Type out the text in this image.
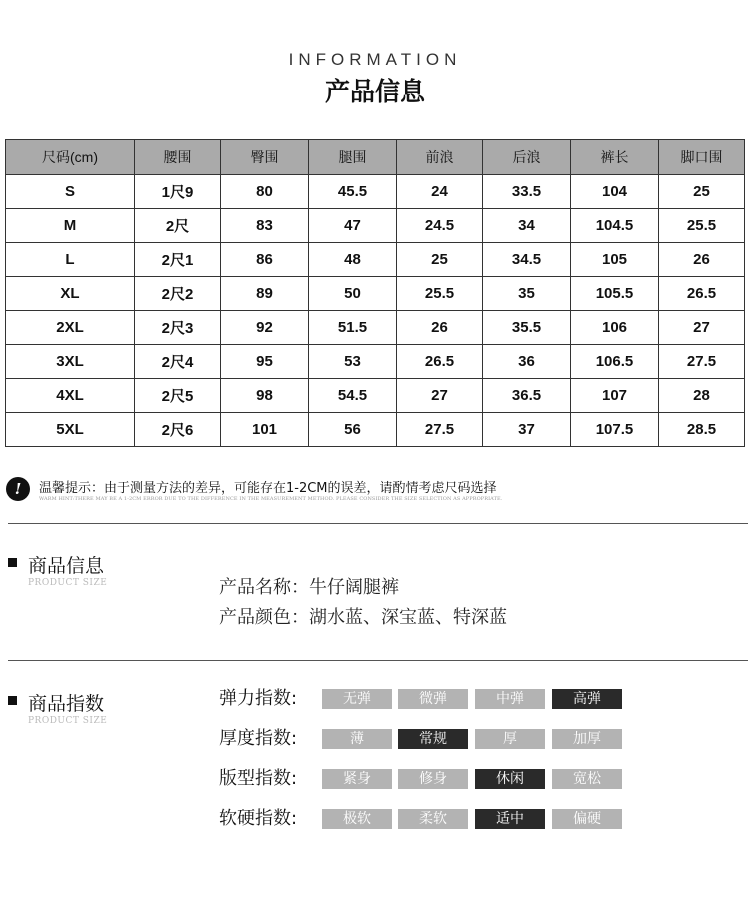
INFORMATION
产品信息
尺码(cm)	腰围	臀围	腿围	前浪	后浪	裤长	脚口围
S	1尺9	80	45.5	24	33.5	104	25
M	2尺	83	47	24.5	34	104.5	25.5
L	2尺1	86	48	25	34.5	105	26
XL	2尺2	89	50	25.5	35	105.5	26.5
2XL	2尺3	92	51.5	26	35.5	106	27
3XL	2尺4	95	53	26.5	36	106.5	27.5
4XL	2尺5	98	54.5	27	36.5	107	28
5XL	2尺6	101	56	27.5	37	107.5	28.5
!	温馨提示：由于测量方法的差异，可能存在1-2CM的误差，请酌情考虑尺码选择
WARM HINT:THERE MAY BE A 1-2CM ERROR DUE TO THE DIFFERENCE IN THE MEASUREMENT METHOD. PLEASE CONSIDER THE SIZE SELECTION AS APPROPRIATE.
商品信息
PRODUCT SIZE	产品名称：牛仔阔腿裤
产品颜色：湖水蓝、深宝蓝、特深蓝
商品指数
PRODUCT SIZE
弹力指数:	无弹	微弹	中弹	高弹
厚度指数:	薄	常规	厚	加厚
版型指数:	紧身	修身	休闲	宽松
软硬指数:	极软	柔软	适中	偏硬
